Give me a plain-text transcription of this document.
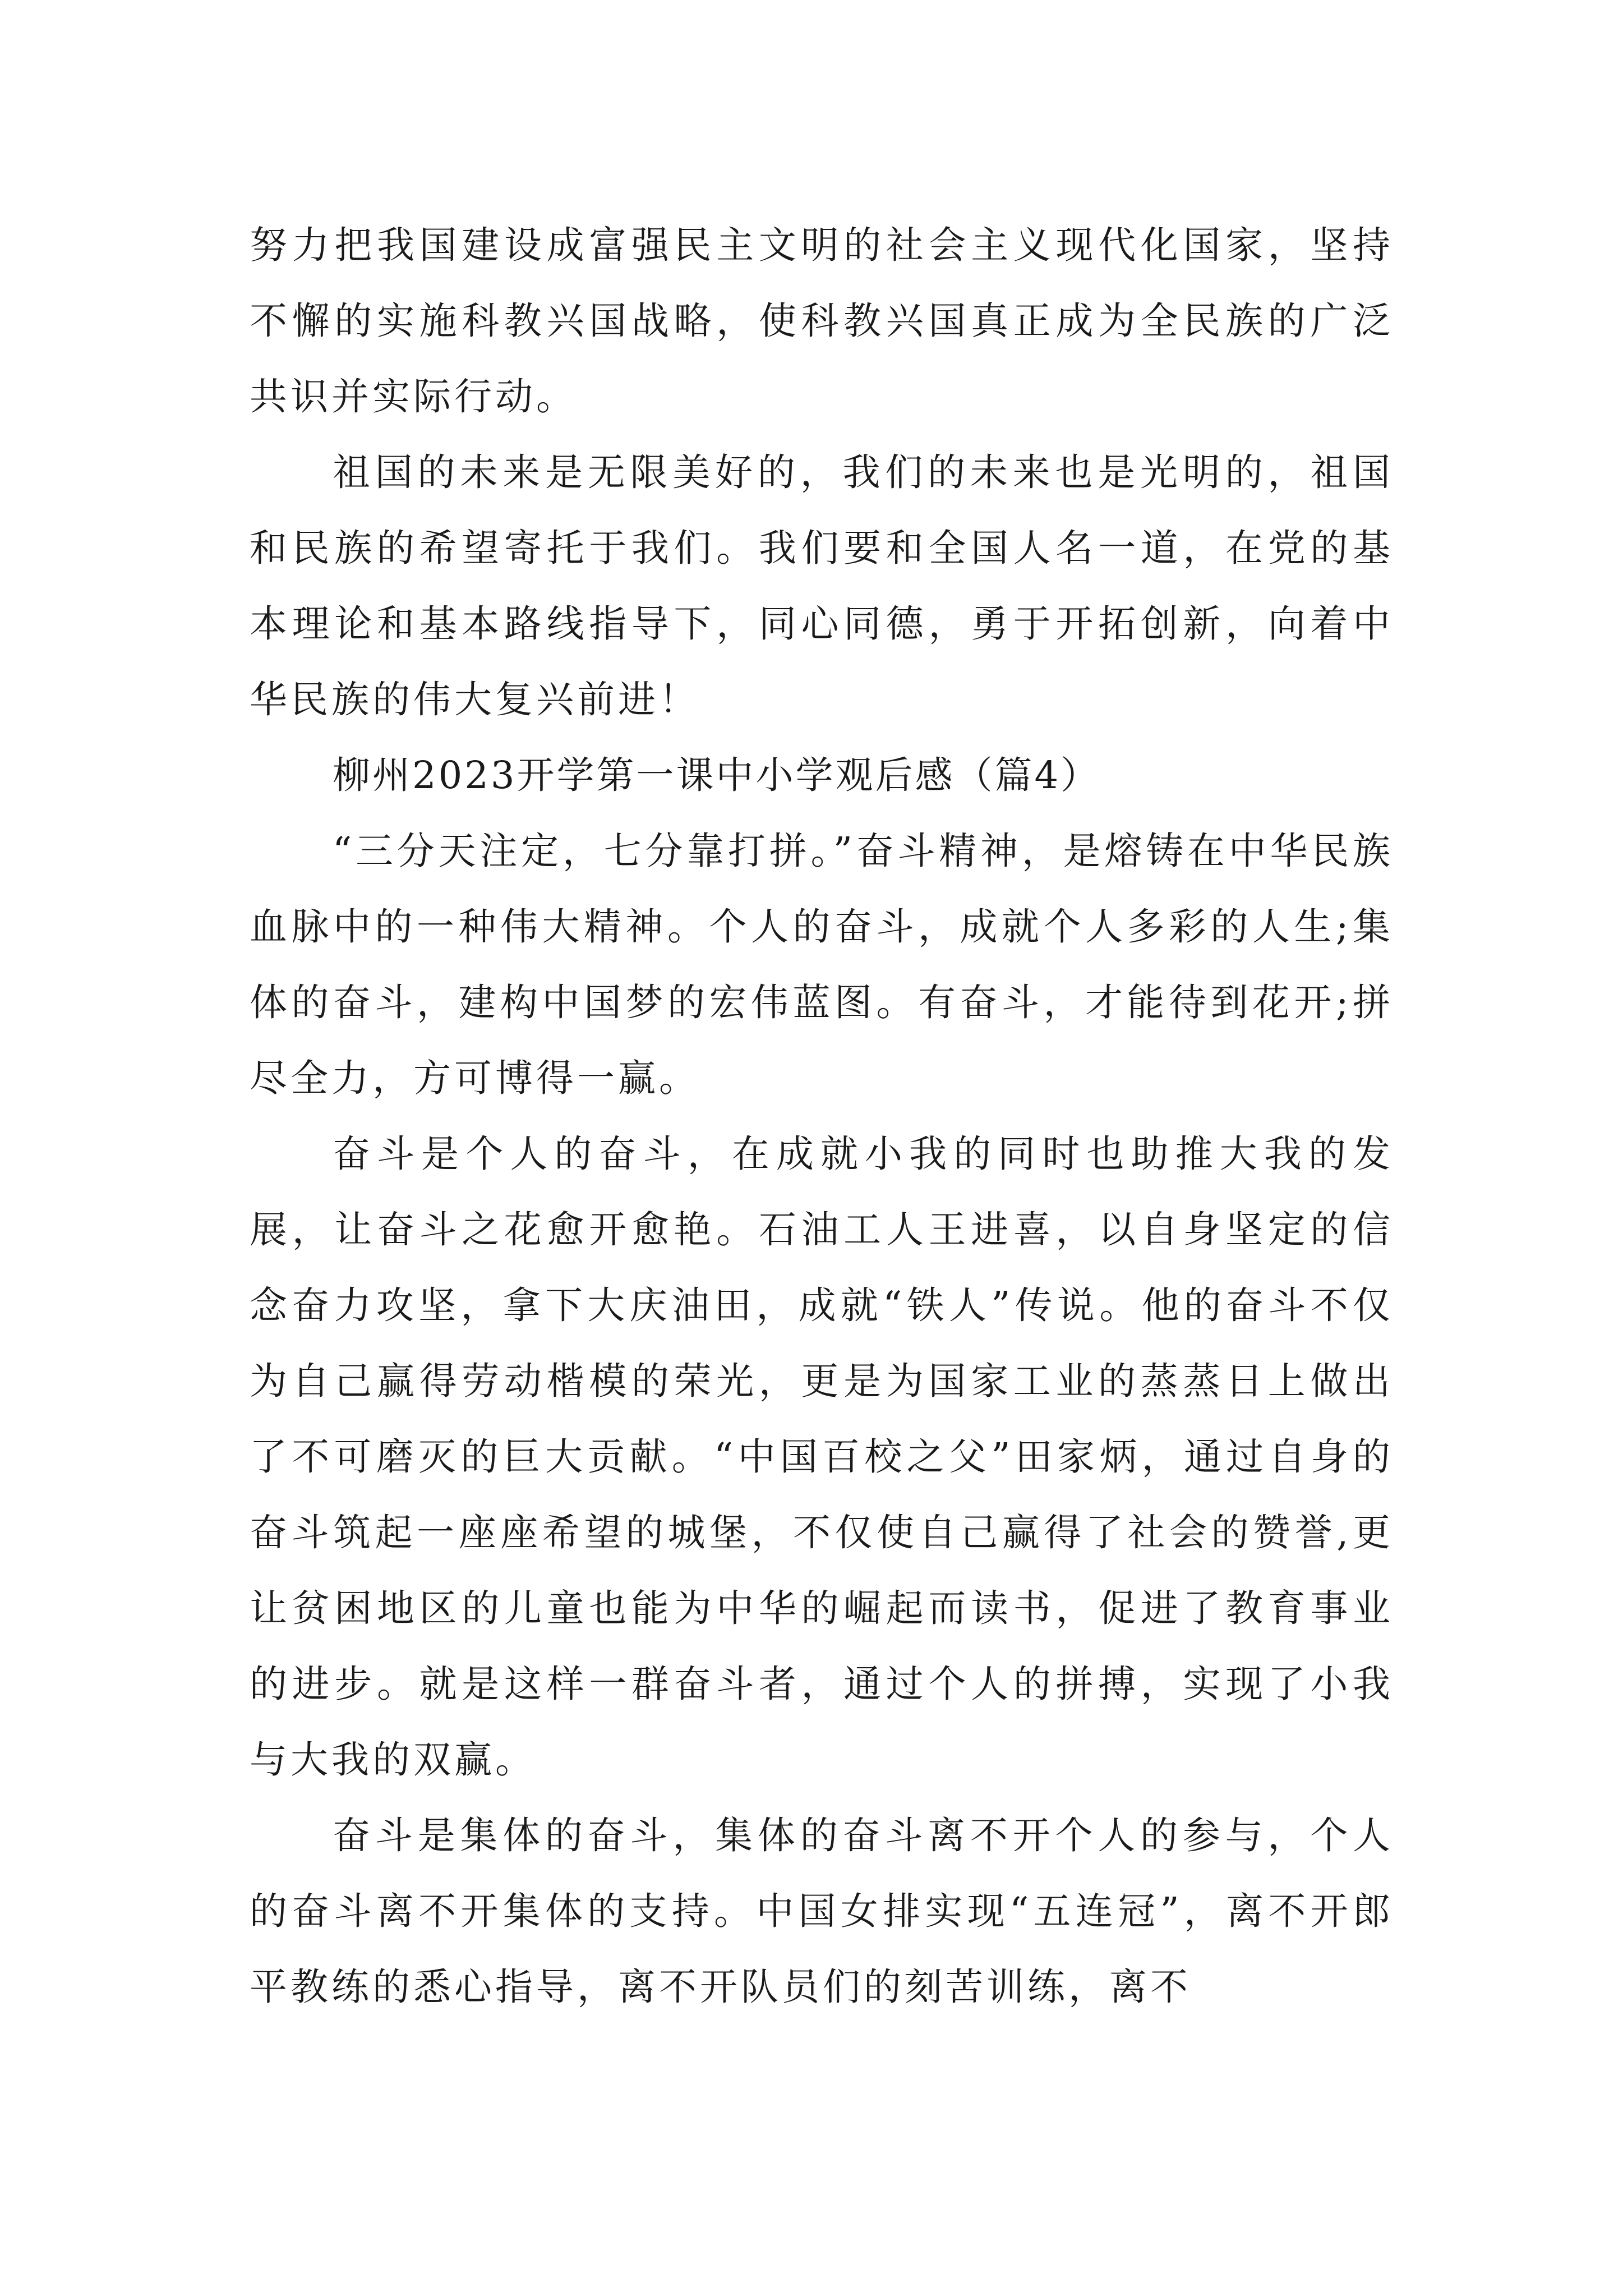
努力把我国建设成富强民主文明的社会主义现代化国家，坚持不懈的实施科教兴国战略，使科教兴国真正成为全民族的广泛共识并实际行动。

祖国的未来是无限美好的，我们的未来也是光明的，祖国和民族的希望寄托于我们。我们要和全国人名一道，在党的基本理论和基本路线指导下，同心同德，勇于开拓创新，向着中华民族的伟大复兴前进！

柳州2023开学第一课中小学观后感（篇4）

“三分天注定，七分靠打拼。”奋斗精神，是熔铸在中华民族血脉中的一种伟大精神。个人的奋斗，成就个人多彩的人生;集体的奋斗，建构中国梦的宏伟蓝图。有奋斗，才能待到花开;拼尽全力，方可博得一赢。

奋斗是个人的奋斗，在成就小我的同时也助推大我的发展，让奋斗之花愈开愈艳。石油工人王进喜，以自身坚定的信念奋力攻坚，拿下大庆油田，成就“铁人”传说。他的奋斗不仅为自己赢得劳动楷模的荣光，更是为国家工业的蒸蒸日上做出了不可磨灭的巨大贡献。“中国百校之父”田家炳，通过自身的奋斗筑起一座座希望的城堡，不仅使自己赢得了社会的赞誉,更让贫困地区的儿童也能为中华的崛起而读书，促进了教育事业的进步。就是这样一群奋斗者，通过个人的拼搏，实现了小我与大我的双赢。

奋斗是集体的奋斗，集体的奋斗离不开个人的参与，个人的奋斗离不开集体的支持。中国女排实现“五连冠”，离不开郎平教练的悉心指导，离不开队员们的刻苦训练，离不
